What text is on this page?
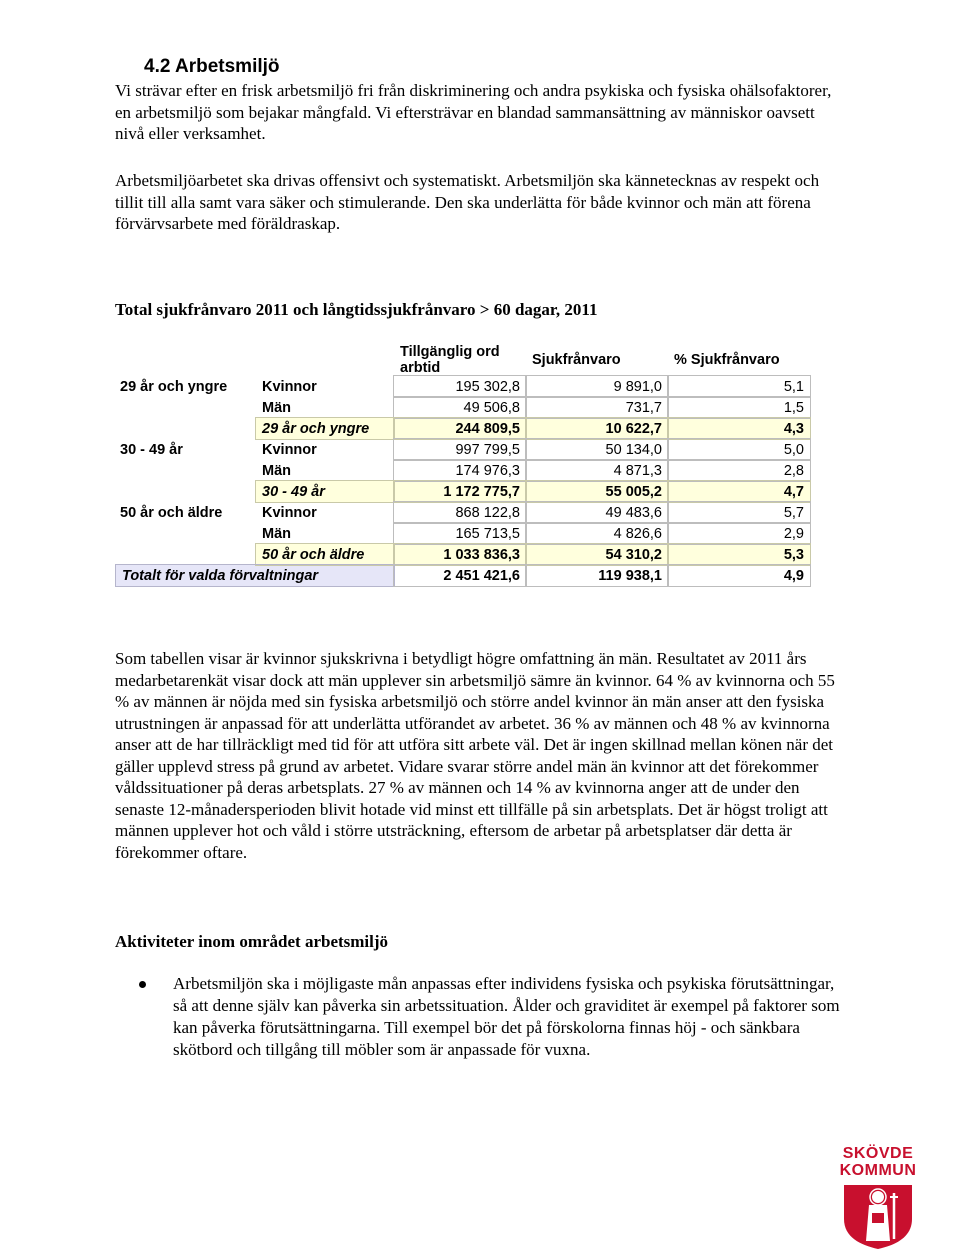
4.2 Arbetsmiljö

Vi strävar efter en frisk arbetsmiljö fri från diskriminering och andra psykiska och fysiska ohälsofaktorer, en arbetsmiljö som bejakar mångfald. Vi eftersträvar en blandad sammansättning av människor oavsett nivå eller verksamhet.

Arbetsmiljöarbetet ska drivas offensivt och systematiskt. Arbetsmiljön ska kännetecknas av respekt och tillit till alla samt vara säker och stimulerande. Den ska underlätta för både kvinnor och män att förena förvärvsarbete med föräldraskap.

Total sjukfrånvaro 2011 och långtidssjukfrånvaro > 60 dagar, 2011

		Tillgänglig ord arbtid	Sjukfrånvaro	% Sjukfrånvaro
29 år och yngre	Kvinnor	195 302,8	9 891,0	5,1
	Män	49 506,8	731,7	1,5
	29 år och yngre	244 809,5	10 622,7	4,3
30 - 49 år	Kvinnor	997 799,5	50 134,0	5,0
	Män	174 976,3	4 871,3	2,8
	30 - 49 år	1 172 775,7	55 005,2	4,7
50 år och äldre	Kvinnor	868 122,8	49 483,6	5,7
	Män	165 713,5	4 826,6	2,9
	50 år och äldre	1 033 836,3	54 310,2	5,3
Totalt för valda förvaltningar		2 451 421,6	119 938,1	4,9

Som tabellen visar är kvinnor sjukskrivna i betydligt högre omfattning än män. Resultatet av 2011 års medarbetarenkät visar dock att män upplever sin arbetsmiljö sämre än kvinnor. 64 % av kvinnorna och 55 % av männen är nöjda med sin fysiska arbetsmiljö och större andel kvinnor än män anser att den fysiska utrustningen är anpassad för att underlätta utförandet av arbetet. 36 % av männen och 48 % av kvinnorna anser att de har tillräckligt med tid för att utföra sitt arbete väl. Det är ingen skillnad mellan könen när det gäller upplevd stress på grund av arbetet. Vidare svarar större andel män än kvinnor att det förekommer våldssituationer på deras arbetsplats. 27 % av männen och 14 % av kvinnorna anger att de under den senaste 12-månadersperioden blivit hotade vid minst ett tillfälle på sin arbetsplats. Det är högst troligt att männen upplever hot och våld i större utsträckning, eftersom de arbetar på arbetsplatser där detta är förekommer oftare.

Aktiviteter inom området arbetsmiljö
Arbetsmiljön ska i möjligaste mån anpassas efter individens fysiska och psykiska förutsättningar, så att denne själv kan påverka sin arbetssituation. Ålder och graviditet är exempel på faktorer som kan påverka förutsättningarna. Till exempel bör det på förskolorna finnas höj - och sänkbara skötbord och tillgång till möbler som är anpassade för vuxna.
SKÖVDE
KOMMUN
